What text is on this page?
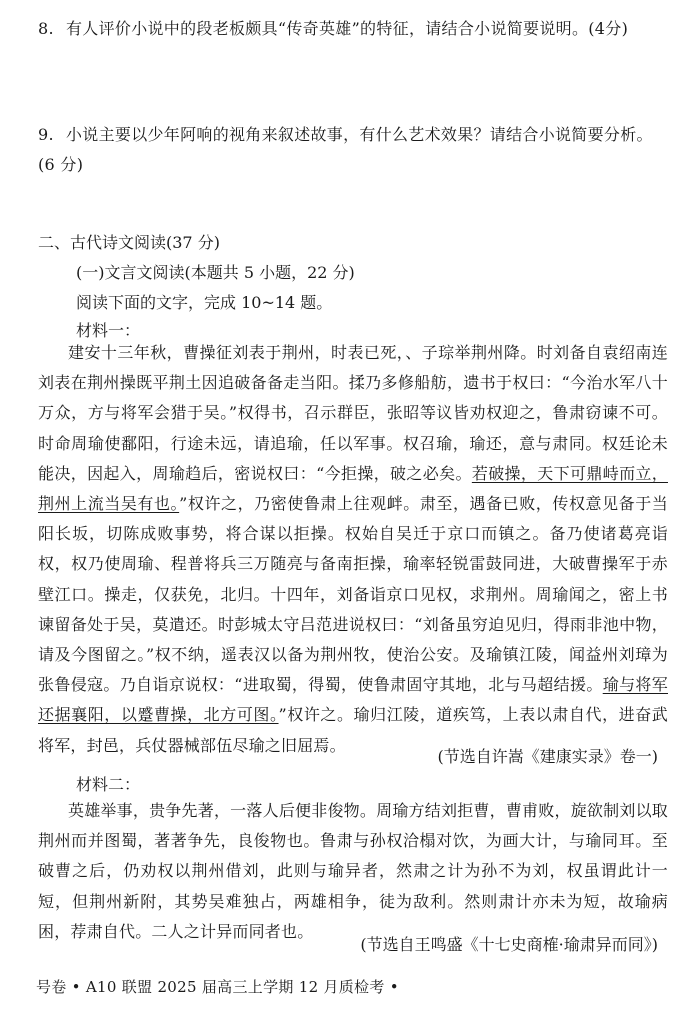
8. 有人评价小说中的段老板颇具“传奇英雄”的特征，请结合小说简要说明。(4分)
9. 小说主要以少年阿响的视角来叙述故事，有什么艺术效果？请结合小说简要分析。(6 分)
二、古代诗文阅读(37 分)
(一)文言文阅读(本题共 5 小题，22 分)
阅读下面的文字，完成 10~14 题。
材料一：
建安十三年秋，曹操征刘表于荆州，时表已死，、子琮举荆州降。时刘备自袁绍南连刘表在荆州操既平荆土因追破备备走当阳。揉乃多修船舫，遗书于权曰：“今治水军八十万众，方与将军会猎于吴。”权得书，召示群臣，张昭等议皆劝权迎之，鲁肃窃谏不可。时命周瑜使鄱阳，行途未远，请追瑜，任以军事。权召瑜，瑜还，意与肃同。权廷论未能决，因起入，周瑜趋后，密说权曰：“今拒操，破之必矣。若破操，天下可鼎峙而立，荆州上流当吴有也。”权许之，乃密使鲁肃上往观衅。肃至，遇备已败，传权意见备于当阳长坂，切陈成败事势，将合谋以拒操。权始自吴迁于京口而镇之。备乃使诸葛亮诣权，权乃使周瑜、程普将兵三万随亮与备南拒操，瑜率轻锐雷鼓同进，大破曹操军于赤壁江口。操走，仅获免，北归。十四年，刘备诣京口见权，求荆州。周瑜闻之，密上书谏留备处于吴，莫遣还。时彭城太守吕范进说权曰：“刘备虽穷迫见归，得雨非池中物，请及今图留之。”权不纳，遥表汉以备为荆州牧，使治公安。及瑜镇江陵，闻益州刘璋为张鲁侵寇。乃自诣京说权：“进取蜀，得蜀，使鲁肃固守其地，北与马超结援。瑜与将军还据襄阳，以蹙曹操，北方可图。”权许之。瑜归江陵，道疾笃，上表以肃自代，进奋武将军，封邑，兵仗器械部伍尽瑜之旧屈焉。
(节选自许嵩《建康实录》卷一)
材料二：
英雄举事，贵争先著，一落人后便非俊物。周瑜方结刘拒曹，曹甫败，旋欲制刘以取荆州而并图蜀，著著争先，良俊物也。鲁肃与孙权洽榻对饮，为画大计，与瑜同耳。至破曹之后，仍劝权以荆州借刘，此则与瑜异者，然肃之计为孙不为刘，权虽谓此计一短，但荆州新附，其势吴难独占，两雄相争，徒为敌利。然则肃计亦未为短，故瑜病困，荐肃自代。二人之计异而同者也。
(节选自王鸣盛《十七史商榷·瑜肃异而同》)
号卷 • A10 联盟 2025 届高三上学期 12 月质检考 •
